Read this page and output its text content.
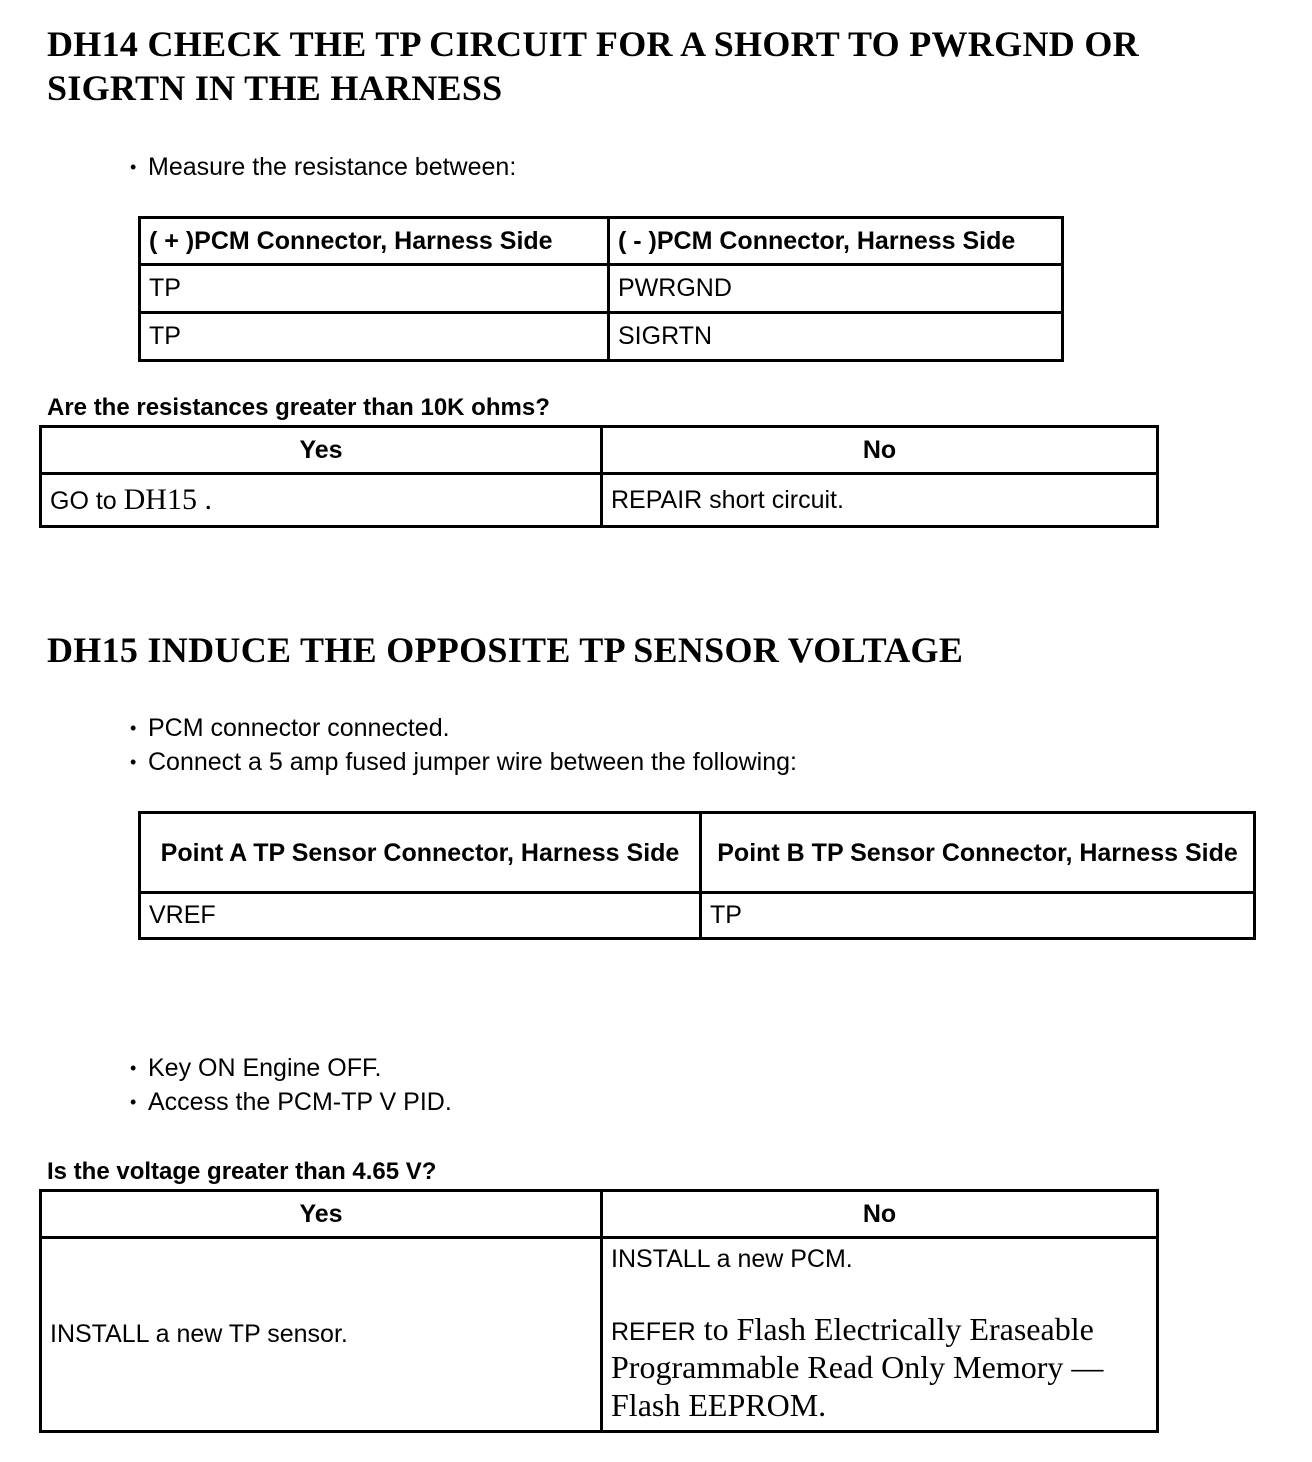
DH14 CHECK THE TP CIRCUIT FOR A SHORT TO PWRGND OR

SIGRTN IN THE HARNESS

• Measure the resistance between:

( + )PCM Connector, Harness Side	( - )PCM Connector, Harness Side
TP	PWRGND
TP	SIGRTN

Are the resistances greater than 10K ohms?

Yes	No
GO to DH15 .	REPAIR short circuit.

DH15 INDUCE THE OPPOSITE TP SENSOR VOLTAGE

• PCM connector connected.

• Connect a 5 amp fused jumper wire between the following:

Point A TP Sensor Connector, Harness Side	Point B TP Sensor Connector, Harness Side
VREF	TP

• Key ON Engine OFF.

• Access the PCM-TP V PID.

Is the voltage greater than 4.65 V?

Yes	No
INSTALL a new TP sensor.	INSTALL a new PCM.
REFER to Flash Electrically Eraseable Programmable Read Only Memory — Flash EEPROM.
